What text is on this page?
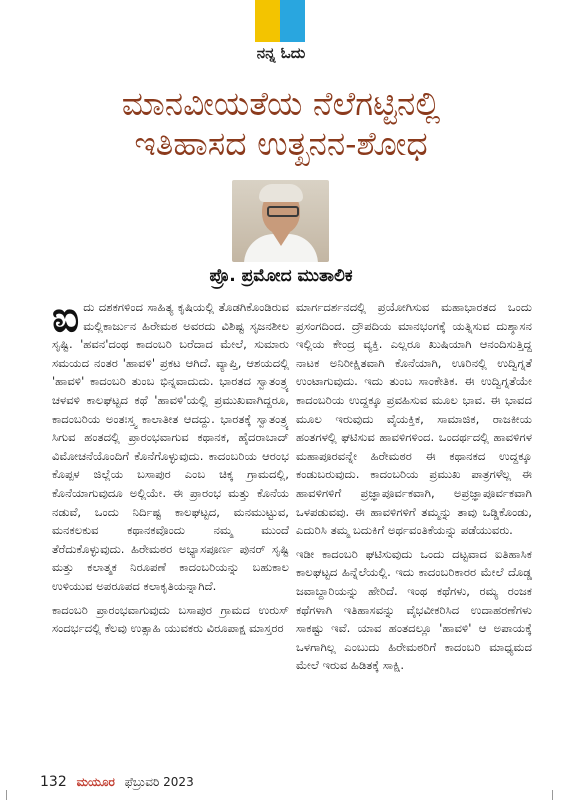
ನನ್ನ ಓದು
ಮಾನವೀಯತೆಯ ನೆಲೆಗಟ್ಟಿನಲ್ಲಿ
ಇತಿಹಾಸದ ಉತ್ಖನನ-ಶೋಧ
ಪ್ರೊ. ಪ್ರಮೋದ ಮುತಾಲಿಕ

ಐದು ದಶಕಗಳಿಂದ ಸಾಹಿತ್ಯ ಕೃಷಿಯಲ್ಲಿ ತೊಡಗಿಕೊಂಡಿರುವ ಮಲ್ಲಿಕಾರ್ಜುನ ಹಿರೇಮಠ ಅವರದು ವಿಶಿಷ್ಟ ಸೃಜನಶೀಲ ಸೃಷ್ಟಿ. 'ಹವನ'ದಂಥ ಕಾದಂಬರಿ ಬರೆದಾದ ಮೇಲೆ, ಸುಮಾರು ಸಮಯದ ನಂತರ 'ಹಾವಳಿ' ಪ್ರಕಟ ಆಗಿದೆ. ವ್ಯಾಪ್ತಿ, ಆಶಯದಲ್ಲಿ 'ಹಾವಳಿ' ಕಾದಂಬರಿ ತುಂಬ ಭಿನ್ನವಾದುದು. ಭಾರತದ ಸ್ವಾತಂತ್ರ್ಯ ಚಳವಳಿ ಕಾಲಘಟ್ಟದ ಕಥೆ 'ಹಾವಳಿ'ಯಲ್ಲಿ ಪ್ರಮುಖವಾಗಿದ್ದರೂ, ಕಾದಂಬರಿಯ ಅಂತಃಸ್ತ್ವ ಕಾಲಾತೀತ ಆದದ್ದು. ಭಾರತಕ್ಕೆ ಸ್ವಾತಂತ್ರ್ಯ ಸಿಗುವ ಹಂತದಲ್ಲಿ ಪ್ರಾರಂಭವಾಗುವ ಕಥಾನಕ, ಹೈದರಾಬಾದ್ ವಿಮೋಚನೆಯೊಂದಿಗೆ ಕೊನೆಗೊಳ್ಳುವುದು. ಕಾದಂಬರಿಯ ಆರಂಭ ಕೊಪ್ಪಳ ಜಿಲ್ಲೆಯ ಬಸಾಪುರ ಎಂಬ ಚಿಕ್ಕ ಗ್ರಾಮದಲ್ಲಿ, ಕೊನೆಯಾಗುವುದೂ ಅಲ್ಲಿಯೇ. ಈ ಪ್ರಾರಂಭ ಮತ್ತು ಕೊನೆಯ ನಡುವೆ, ಒಂದು ನಿರ್ದಿಷ್ಟ ಕಾಲಘಟ್ಟದ, ಮನಮುಟ್ಟುವ, ಮನಕಲಕುವ ಕಥಾನಕವೊಂದು ನಮ್ಮ ಮುಂದೆ ತೆರೆದುಕೊಳ್ಳುವುದು. ಹಿರೇಮಠರ ಅಭ್ಯಾಸಪೂರ್ಣ ಪುನರ್ ಸೃಷ್ಟಿ ಮತ್ತು ಕಲಾತ್ಮಕ ನಿರೂಪಣೆ ಕಾದಂಬರಿಯನ್ನು ಬಹುಕಾಲ ಉಳಿಯುವ ಅಪರೂಪದ ಕಲಾಕೃತಿಯನ್ನಾಗಿದೆ.

ಕಾದಂಬರಿ ಪ್ರಾರಂಭವಾಗುವುದು ಬಸಾಪುರ ಗ್ರಾಮದ ಉರುಸ್ ಸಂದರ್ಭದಲ್ಲಿ ಕೆಲವು ಉತ್ಸಾಹಿ ಯುವಕರು ವಿರೂಪಾಕ್ಷ ಮಾಸ್ತರರ

ಮಾರ್ಗದರ್ಶನದಲ್ಲಿ ಪ್ರಯೋಗಿಸುವ ಮಹಾಭಾರತದ ಒಂದು ಪ್ರಸಂಗದಿಂದ. ದ್ರೌಪದಿಯ ಮಾನಭಂಗಕ್ಕೆ ಯತ್ನಿಸುವ ದುಶ್ಶಾಸನ ಇಲ್ಲಿಯ ಕೇಂದ್ರ ವ್ಯಕ್ತಿ. ಎಲ್ಲರೂ ಖುಷಿಯಾಗಿ ಆನಂದಿಸುತ್ತಿದ್ದ ನಾಟಕ ಅನಿರೀಕ್ಷಿತವಾಗಿ ಕೊನೆಯಾಗಿ, ಊರಿನಲ್ಲಿ ಉದ್ವಿಗ್ನತೆ ಉಂಟಾಗುವುದು. ಇದು ತುಂಬ ಸಾಂಕೇತಿಕ. ಈ ಉದ್ವಿಗ್ನತೆಯೇ ಕಾದಂಬರಿಯ ಉದ್ದಕ್ಕೂ ಪ್ರವಹಿಸುವ ಮೂಲ ಭಾವ. ಈ ಭಾವದ ಮೂಲ ಇರುವುದು ವೈಯಕ್ತಿಕ, ಸಾಮಾಜಿಕ, ರಾಜಕೀಯ ಹಂತಗಳಲ್ಲಿ ಘಟಿಸುವ ಹಾವಳಿಗಳಿಂದ. ಒಂದರ್ಥದಲ್ಲಿ ಹಾವಳಿಗಳ ಮಹಾಪೂರವನ್ನೇ ಹಿರೇಮಠರ ಈ ಕಥಾನಕದ ಉದ್ದಕ್ಕೂ ಕಂಡುಬರುವುದು. ಕಾದಂಬರಿಯ ಪ್ರಮುಖ ಪಾತ್ರಗಳೆಲ್ಲ ಈ ಹಾವಳಿಗಳಿಗೆ ಪ್ರಜ್ಞಾಪೂರ್ವಕವಾಗಿ, ಅಪ್ರಜ್ಞಾಪೂರ್ವಕವಾಗಿ ಒಳಪಡುವವು. ಈ ಹಾವಳಿಗಳಿಗೆ ತಮ್ಮನ್ನು ತಾವು ಒಡ್ಡಿಕೊಂಡು, ಎದುರಿಸಿ ತಮ್ಮ ಬದುಕಿಗೆ ಅರ್ಥವಂತಿಕೆಯನ್ನು ಪಡೆಯುವರು.

ಇಡೀ ಕಾದಂಬರಿ ಘಟಿಸುವುದು ಒಂದು ದಟ್ಟವಾದ ಐತಿಹಾಸಿಕ ಕಾಲಘಟ್ಟದ ಹಿನ್ನೆಲೆಯಲ್ಲಿ. ಇದು ಕಾದಂಬರಿಕಾರರ ಮೇಲೆ ದೊಡ್ಡ ಜವಾಬ್ದಾರಿಯನ್ನು ಹೇರಿದೆ. ಇಂಥ ಕಥೆಗಳು, ರಮ್ಯ ರಂಜಕ ಕಥೆಗಳಾಗಿ ಇತಿಹಾಸವನ್ನು ವೈಭವೀಕರಿಸಿದ ಉದಾಹರಣೆಗಳು ಸಾಕಷ್ಟು ಇವೆ. ಯಾವ ಹಂತದಲ್ಲೂ 'ಹಾವಳಿ' ಆ ಅಪಾಯಕ್ಕೆ ಒಳಗಾಗಿಲ್ಲ ಎಂಬುದು ಹಿರೇಮಠರಿಗೆ ಕಾದಂಬರಿ ಮಾಧ್ಯಮದ ಮೇಲೆ ಇರುವ ಹಿಡಿತಕ್ಕೆ ಸಾಕ್ಷಿ.

132 ಮಯೂರ ಫೆಬ್ರುವರಿ 2023
